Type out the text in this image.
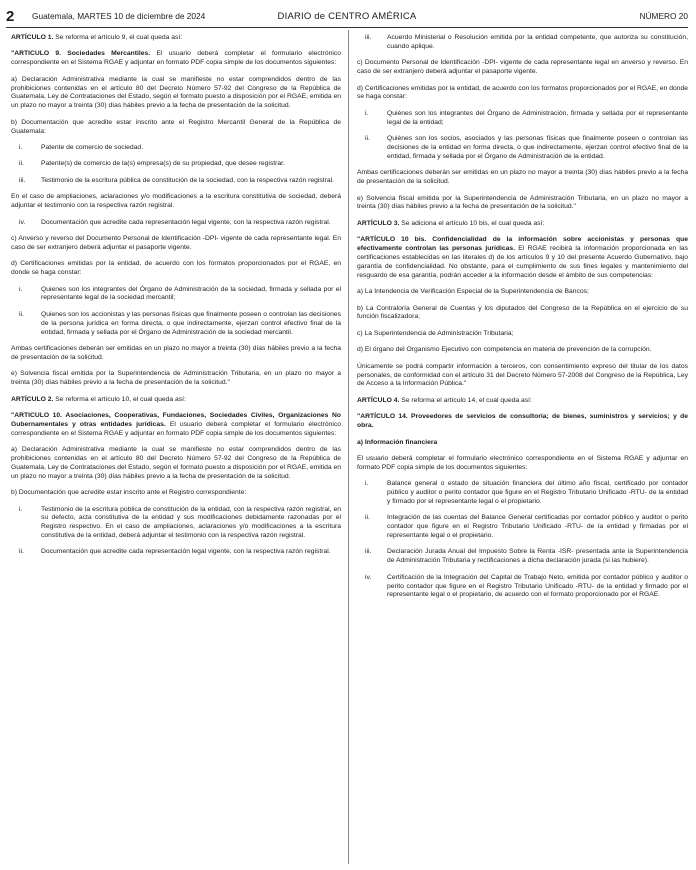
2	Guatemala, MARTES 10 de diciembre de 2024	DIARIO de CENTRO AMÉRICA	NÚMERO 20

ARTÍCULO 1. Se reforma el artículo 9, el cual queda así:

"ARTICULO 9. Sociedades Mercantiles. El usuario deberá completar el formulario electrónico correspondiente en el Sistema RGAE y adjuntar en formato PDF copia simple de los documentos siguientes:

a) Declaración Administrativa mediante la cual se manifieste no estar comprendidos dentro de las prohibiciones contenidas en el artículo 80 del Decreto Número 57-92 del Congreso de la República de Guatemala, Ley de Contrataciones del Estado, según el formato puesto a disposición por el RGAE, emitida en un plazo no mayor a treinta (30) días hábiles previo a la fecha de presentación de la solicitud.

b) Documentación que acredite estar inscrito ante el Registro Mercantil General de la República de Guatemala:

i.	Patente de comercio de sociedad.
ii.	Patente(s) de comercio de la(s) empresa(s) de su propiedad, que desee registrar.
iii.	Testimonio de la escritura pública de constitución de la sociedad, con la respectiva razón registral.

En el caso de ampliaciones, aclaraciones y/o modificaciones a la escritura constitutiva de sociedad, deberá adjuntar el testimonio con la respectiva razón registral.

iv.	Documentación que acredite cada representación legal vigente, con la respectiva razón registral.

c) Anverso y reverso del Documento Personal de Identificación -DPI- vigente de cada representante legal. En caso de ser extranjero deberá adjuntar el pasaporte vigente.

d) Certificaciones emitidas por la entidad, de acuerdo con los formatos proporcionados por el RGAE, en donde se haga constar:

i.	Quienes son los integrantes del Órgano de Administración de la sociedad, firmada y sellada por el representante legal de la sociedad mercantil;
ii.	Quienes son los accionistas y las personas físicas que finalmente poseen o controlan las decisiones de la persona jurídica en forma directa, o que indirectamente, ejerzan control efectivo final de la entidad, firmada y sellada por el Órgano de Administración de la sociedad mercantil.

Ambas certificaciones deberán ser emitidas en un plazo no mayor a treinta (30) días hábiles previo a la fecha de presentación de la solicitud.

e) Solvencia fiscal emitida por la Superintendencia de Administración Tributaria, en un plazo no mayor a treinta (30) días hábiles previo a la fecha de presentación de la solicitud."

ARTÍCULO 2. Se reforma el artículo 10, el cual queda así:

"ARTICULO 10. Asociaciones, Cooperativas, Fundaciones, Sociedades Civiles, Organizaciones No Gubernamentales y otras entidades jurídicas. El usuario deberá completar el formulario electrónico correspondiente en el Sistema RGAE y adjuntar en formato PDF copia simple de los documentos siguientes:

a) Declaración Administrativa mediante la cual se manifieste no estar comprendidos dentro de las prohibiciones contenidas en el artículo 80 del Decreto Número 57-92 del Congreso de la República de Guatemala, Ley de Contrataciones del Estado, según el formato puesto a disposición por el RGAE, emitida en un plazo no mayor a treinta (30) días hábiles previo a la fecha de presentación de la solicitud.

b) Documentación que acredite estar inscrito ante el Registro correspondiente:

i.	Testimonio de la escritura pública de constitución de la entidad, con la respectiva razón registral, en su defecto, acta constitutiva de la entidad y sus modificaciones debidamente razonadas por el Registro respectivo. En el caso de ampliaciones, aclaraciones y/o modificaciones a la escritura constitutiva de la entidad, deberá adjuntar el testimonio con la respectiva razón registral.
ii.	Documentación que acredite cada representación legal vigente, con la respectiva razón registral.
iii.	Acuerdo Ministerial o Resolución emitida por la entidad competente, que autoriza su constitución, cuando aplique.

c) Documento Personal de Identificación -DPI- vigente de cada representante legal en anverso y reverso. En caso de ser extranjero deberá adjuntar el pasaporte vigente.

d) Certificaciones emitidas por la entidad, de acuerdo con los formatos proporcionados por el RGAE, en donde se haga constar:

i.	Quiénes son los integrantes del Órgano de Administración, firmada y sellada por el representante legal de la entidad;
ii.	Quiénes son los socios, asociados y las personas físicas que finalmente poseen o controlan las decisiones de la entidad en forma directa, o que indirectamente, ejerzan control efectivo final de la entidad, firmada y sellada por el Órgano de Administración de la entidad.

Ambas certificaciones deberán ser emitidas en un plazo no mayor a treinta (30) días hábiles previo a la fecha de presentación de la solicitud.

e) Solvencia fiscal emitida por la Superintendencia de Administración Tributaria, en un plazo no mayor a treinta (30) días hábiles previo a la fecha de presentación de la solicitud."

ARTÍCULO 3. Se adiciona el artículo 10 bis, el cual queda así:

"ARTÍCULO 10 bis. Confidencialidad de la información sobre accionistas y personas que efectivamente controlan las personas jurídicas. El RGAE recibirá la información proporcionada en las certificaciones establecidas en las literales d) de los artículos 9 y 10 del presente Acuerdo Gubernativo, bajo garantía de confidencialidad. No obstante, para el cumplimiento de sus fines legales y mantenimiento del resguardo de esa garantía, podrán acceder a la información desde el ámbito de sus competencias:

a) La Intendencia de Verificación Especial de la Superintendencia de Bancos;

b) La Contraloría General de Cuentas y los diputados del Congreso de la República en el ejercicio de su función fiscalizadora;

c) La Superintendencia de Administración Tributaria;

d) El órgano del Organismo Ejecutivo con competencia en materia de prevención de la corrupción.

Únicamente se podrá compartir información a terceros, con consentimiento expreso del titular de los datos personales, de conformidad con el artículo 31 del Decreto Número 57-2008 del Congreso de la República, Ley de Acceso a la Información Pública."

ARTÍCULO 4. Se reforma el artículo 14, el cual queda así:

"ARTÍCULO 14. Proveedores de servicios de consultoría; de bienes, suministros y servicios; y de obra.

a) Información financiera

El usuario deberá completar el formulario electrónico correspondiente en el Sistema RGAE y adjuntar en formato PDF copia simple de los documentos siguientes:

i.	Balance general o estado de situación financiera del último año fiscal, certificado por contador público y auditor o perito contador que figure en el Registro Tributario Unificado -RTU- de la entidad y firmado por el representante legal o el propietario.
ii.	Integración de las cuentas del Balance General certificadas por contador público y auditor o perito contador que figure en el Registro Tributario Unificado -RTU- de la entidad y firmadas por el representante legal o el propietario.
iii.	Declaración Jurada Anual del Impuesto Sobre la Renta -ISR- presentada ante la Superintendencia de Administración Tributaria y rectificaciones a dicha declaración jurada (si las hubiere).
iv.	Certificación de la Integración del Capital de Trabajo Neto, emitida por contador público y auditor o perito contador que figure en el Registro Tributario Unificado -RTU- de la entidad y firmado por el representante legal o el propietario, de acuerdo con el formato proporcionado por el RGAE.
